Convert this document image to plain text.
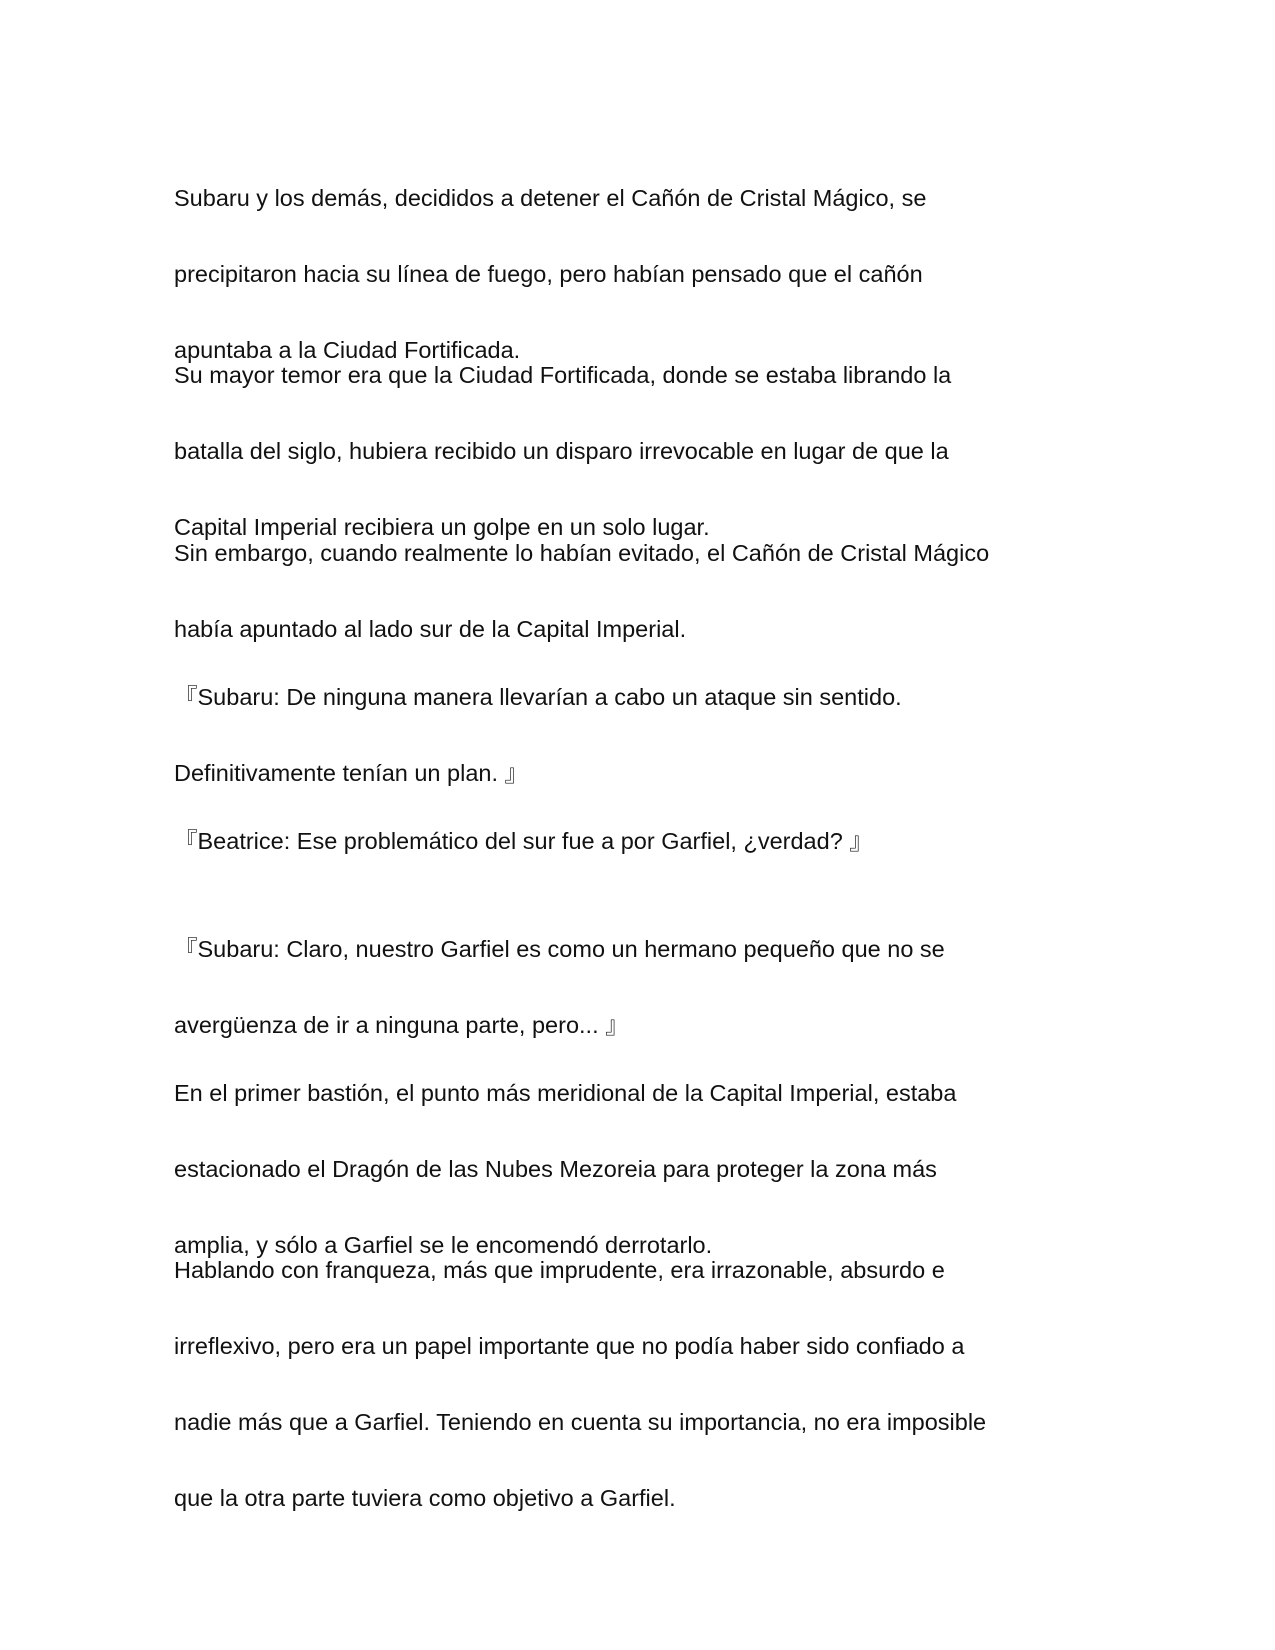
Subaru y los demás, decididos a detener el Cañón de Cristal Mágico, se

precipitaron hacia su línea de fuego, pero habían pensado que el cañón

apuntaba a la Ciudad Fortificada.

Su mayor temor era que la Ciudad Fortificada, donde se estaba librando la

batalla del siglo, hubiera recibido un disparo irrevocable en lugar de que la

Capital Imperial recibiera un golpe en un solo lugar.

Sin embargo, cuando realmente lo habían evitado, el Cañón de Cristal Mágico

había apuntado al lado sur de la Capital Imperial.

『Subaru: De ninguna manera llevarían a cabo un ataque sin sentido.

Definitivamente tenían un plan. 』

『Beatrice: Ese problemático del sur fue a por Garfiel, ¿verdad? 』

『Subaru: Claro, nuestro Garfiel es como un hermano pequeño que no se

avergüenza de ir a ninguna parte, pero... 』

En el primer bastión, el punto más meridional de la Capital Imperial, estaba

estacionado el Dragón de las Nubes Mezoreia para proteger la zona más

amplia, y sólo a Garfiel se le encomendó derrotarlo.

Hablando con franqueza, más que imprudente, era irrazonable, absurdo e

irreflexivo, pero era un papel importante que no podía haber sido confiado a

nadie más que a Garfiel. Teniendo en cuenta su importancia, no era imposible

que la otra parte tuviera como objetivo a Garfiel.
